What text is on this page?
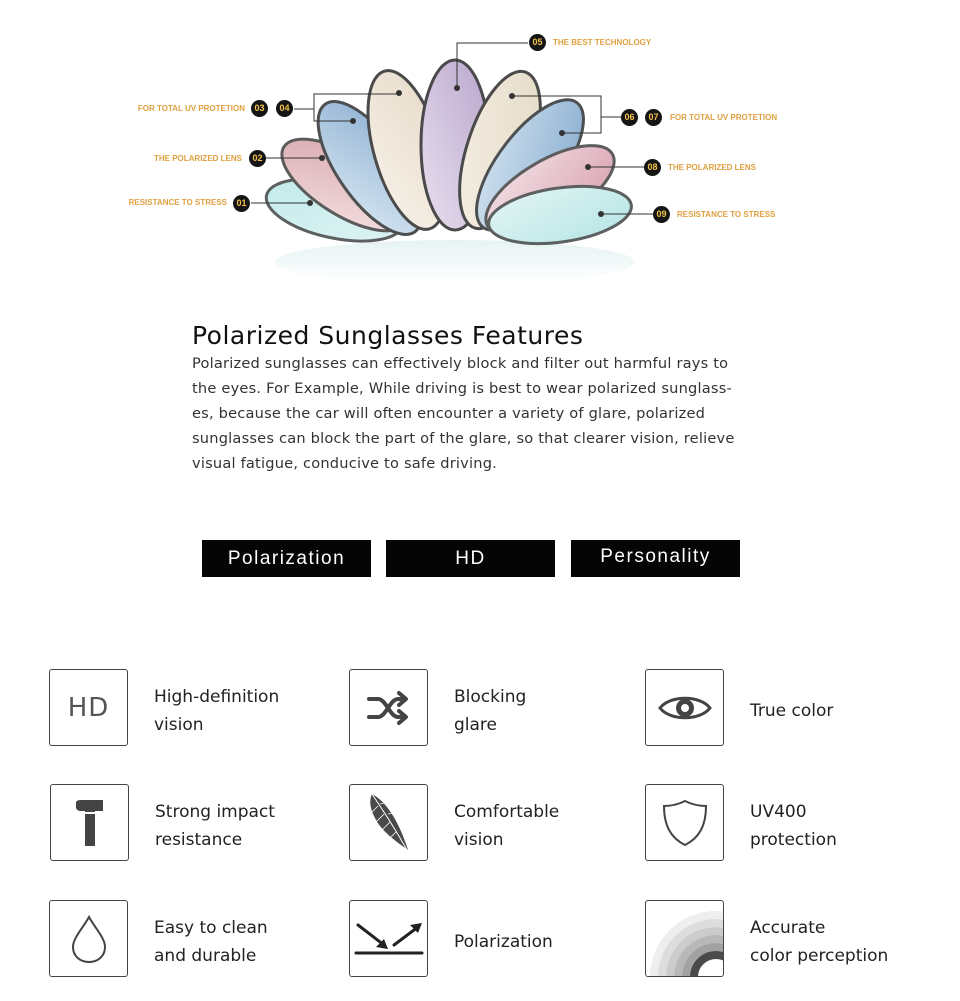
RESISTANCE TO STRESS	01
THE POLARIZED LENS	02
FOR TOTAL UV PROTETION	03	04
05	THE BEST TECHNOLOGY
06	07	FOR TOTAL UV PROTETION
08	THE POLARIZED LENS
09	RESISTANCE TO STRESS
Polarized Sunglasses Features

Polarized sunglasses can effectively block and filter out harmful rays to
the eyes. For Example, While driving is best to wear polarized sunglass-
es, because the car will often encounter a variety of glare, polarized
sunglasses can block the part of the glare, so that clearer vision, relieve
visual fatigue, conducive to safe driving.

Polarization	HD	Personality
HD	High-definition
vision
Blocking
glare
True color
Strong impact
resistance
Comfortable
vision
UV400
protection
Easy to clean
and durable
Polarization
Accurate
color perception
